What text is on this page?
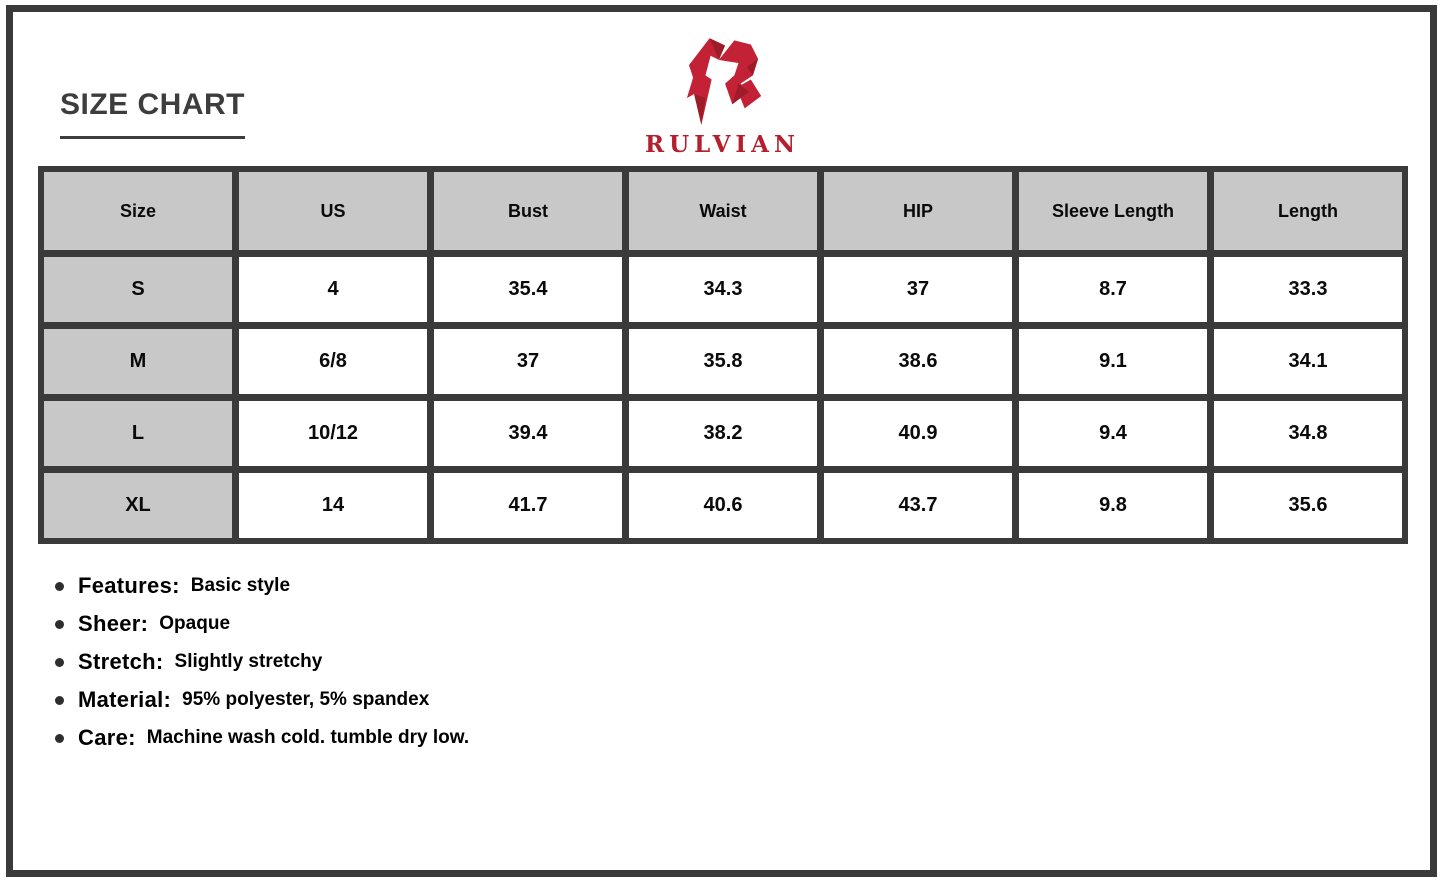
SIZE CHART
RULVIAN
Size	US	Bust	Waist	HIP	Sleeve Length	Length
S	4	35.4	34.3	37	8.7	33.3
M	6/8	37	35.8	38.6	9.1	34.1
L	10/12	39.4	38.2	40.9	9.4	34.8
XL	14	41.7	40.6	43.7	9.8	35.6
Features: Basic style
Sheer: Opaque
Stretch: Slightly stretchy
Material: 95% polyester, 5% spandex
Care: Machine wash cold. tumble dry low.
